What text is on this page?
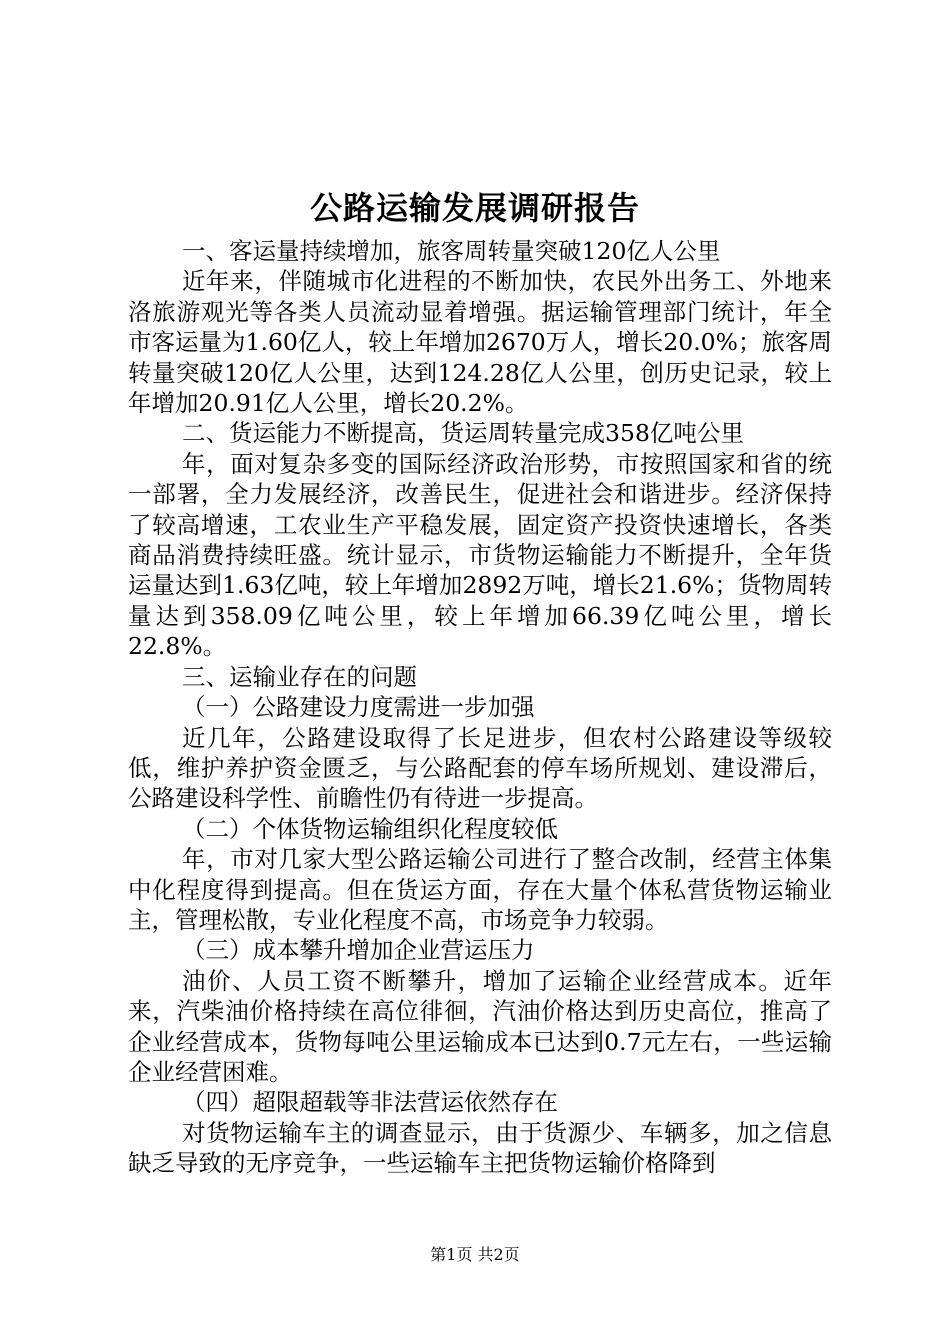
公路运输发展调研报告

一、客运量持续增加，旅客周转量突破120亿人公里

近年来，伴随城市化进程的不断加快，农民外出务工、外地来洛旅游观光等各类人员流动显着增强。据运输管理部门统计，年全市客运量为1.60亿人，较上年增加2670万人，增长20.0%；旅客周转量突破120亿人公里，达到124.28亿人公里，创历史记录，较上年增加20.91亿人公里，增长20.2%。

二、货运能力不断提高，货运周转量完成358亿吨公里

年，面对复杂多变的国际经济政治形势，市按照国家和省的统一部署，全力发展经济，改善民生，促进社会和谐进步。经济保持了较高增速，工农业生产平稳发展，固定资产投资快速增长，各类商品消费持续旺盛。统计显示，市货物运输能力不断提升，全年货运量达到1.63亿吨，较上年增加2892万吨，增长21.6%；货物周转量达到358.09亿吨公里，较上年增加66.39亿吨公里，增长22.8%。

三、运输业存在的问题

（一）公路建设力度需进一步加强

近几年，公路建设取得了长足进步，但农村公路建设等级较低，维护养护资金匮乏，与公路配套的停车场所规划、建设滞后，公路建设科学性、前瞻性仍有待进一步提高。

（二）个体货物运输组织化程度较低

年，市对几家大型公路运输公司进行了整合改制，经营主体集中化程度得到提高。但在货运方面，存在大量个体私营货物运输业主，管理松散，专业化程度不高，市场竞争力较弱。

（三）成本攀升增加企业营运压力

油价、人员工资不断攀升，增加了运输企业经营成本。近年来，汽柴油价格持续在高位徘徊，汽油价格达到历史高位，推高了企业经营成本，货物每吨公里运输成本已达到0.7元左右，一些运输企业经营困难。

（四）超限超载等非法营运依然存在

对货物运输车主的调查显示，由于货源少、车辆多，加之信息缺乏导致的无序竞争，一些运输车主把货物运输价格降到

第1页 共2页
